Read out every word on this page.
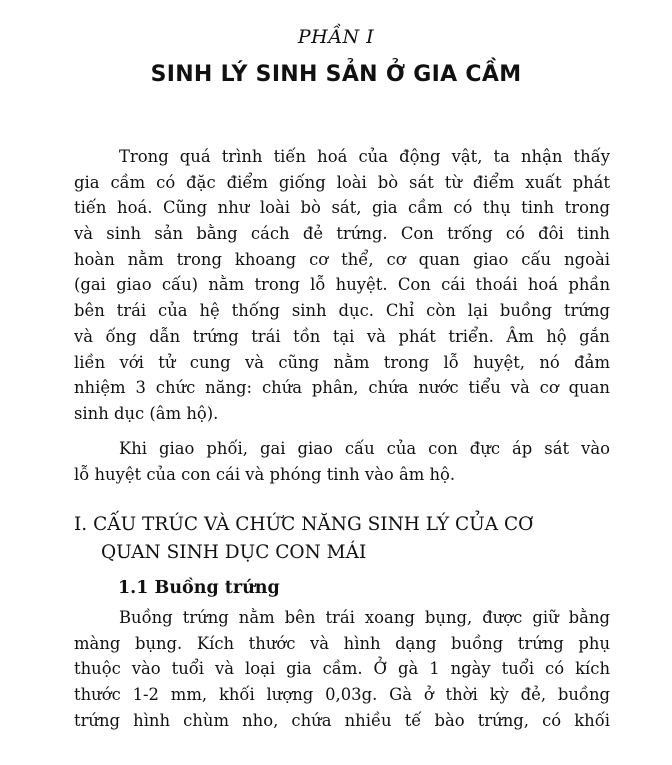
PHẦN I
SINH LÝ SINH SẢN Ở GIA CẦM
Trong quá trình tiến hoá của động vật, ta nhận thấy
gia cầm có đặc điểm giống loài bò sát từ điểm xuất phát
tiến hoá. Cũng như loài bò sát, gia cầm có thụ tinh trong
và sinh sản bằng cách đẻ trứng. Con trống có đôi tinh
hoàn nằm trong khoang cơ thể, cơ quan giao cấu ngoài
(gai giao cấu) nằm trong lỗ huyệt. Con cái thoái hoá phần
bên trái của hệ thống sinh dục. Chỉ còn lại buồng trứng
và ống dẫn trứng trái tồn tại và phát triển. Âm hộ gắn
liền với tử cung và cũng nằm trong lỗ huyệt, nó đảm
nhiệm 3 chức năng: chứa phân, chứa nước tiểu và cơ quan
sinh dục (âm hộ).
Khi giao phối, gai giao cấu của con đực áp sát vào
lỗ huyệt của con cái và phóng tinh vào âm hộ.
I. CẤU TRÚC VÀ CHỨC NĂNG SINH LÝ CỦA CƠ
QUAN SINH DỤC CON MÁI
1.1 Buồng trứng
Buồng trứng nằm bên trái xoang bụng, được giữ bằng
màng bụng. Kích thước và hình dạng buồng trứng phụ
thuộc vào tuổi và loại gia cầm. Ở gà 1 ngày tuổi có kích
thước 1-2 mm, khối lượng 0,03g. Gà ở thời kỳ đẻ, buồng
trứng hình chùm nho, chứa nhiều tế bào trứng, có khối
